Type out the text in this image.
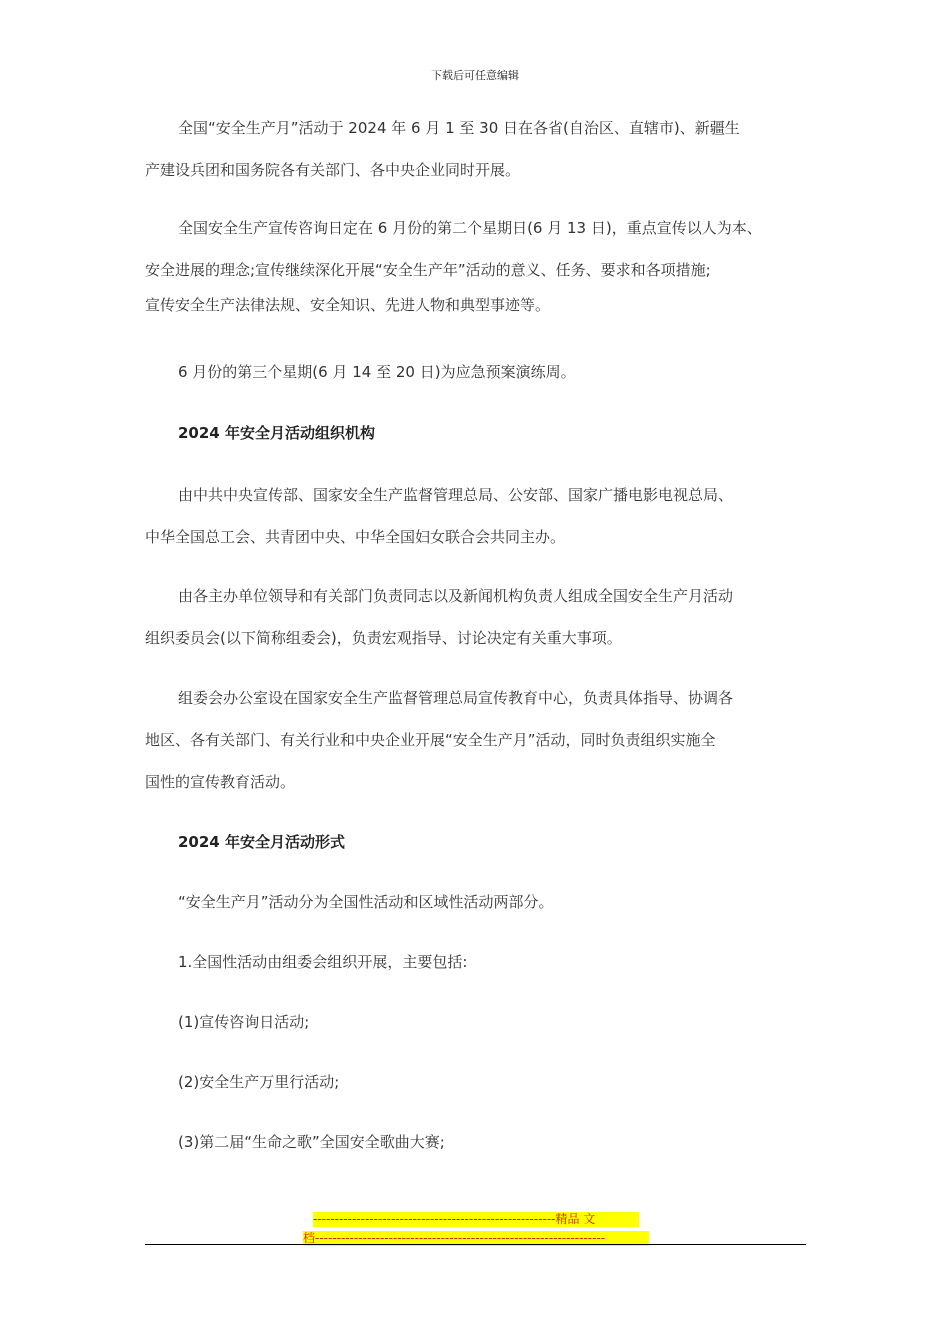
下载后可任意编辑
全国“安全生产月”活动于 2024 年 6 月 1 至 30 日在各省(自治区、直辖市)、新疆生
产建设兵团和国务院各有关部门、各中央企业同时开展。
全国安全生产宣传咨询日定在 6 月份的第二个星期日(6 月 13 日)，重点宣传以人为本、
安全进展的理念;宣传继续深化开展“安全生产年”活动的意义、任务、要求和各项措施;
宣传安全生产法律法规、安全知识、先进人物和典型事迹等。
6 月份的第三个星期(6 月 14 至 20 日)为应急预案演练周。
2024 年安全月活动组织机构
由中共中央宣传部、国家安全生产监督管理总局、公安部、国家广播电影电视总局、
中华全国总工会、共青团中央、中华全国妇女联合会共同主办。
由各主办单位领导和有关部门负责同志以及新闻机构负责人组成全国安全生产月活动
组织委员会(以下简称组委会)，负责宏观指导、讨论决定有关重大事项。
组委会办公室设在国家安全生产监督管理总局宣传教育中心，负责具体指导、协调各
地区、各有关部门、有关行业和中央企业开展“安全生产月”活动，同时负责组织实施全
国性的宣传教育活动。
2024 年安全月活动形式
“安全生产月”活动分为全国性活动和区域性活动两部分。
1.全国性活动由组委会组织开展，主要包括:
(1)宣传咨询日活动;
(2)安全生产万里行活动;
(3)第二届“生命之歌”全国安全歌曲大赛;
--------------------------------------------------------精品 文
档-------------------------------------------------------------------
